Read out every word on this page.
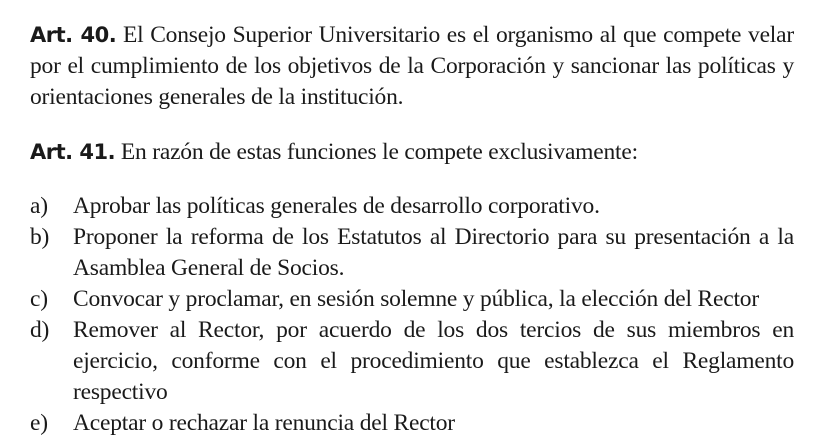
Art. 40. El Consejo Superior Universitario es el organismo al que compete velar por el cumplimiento de los objetivos de la Corporación y sancionar las políticas y orientaciones generales de la institución.

Art. 41. En razón de estas funciones le compete exclusivamente:

a)	Aprobar las políticas generales de desarrollo corporativo.
b)	Proponer la reforma de los Estatutos al Directorio para su presentación a la Asamblea General de Socios.
c)	Convocar y proclamar, en sesión solemne y pública, la elección del Rector
d)	Remover al Rector, por acuerdo de los dos tercios de sus miembros en ejercicio, conforme con el procedimiento que establezca el Reglamento respectivo
e)	Aceptar o rechazar la renuncia del Rector
